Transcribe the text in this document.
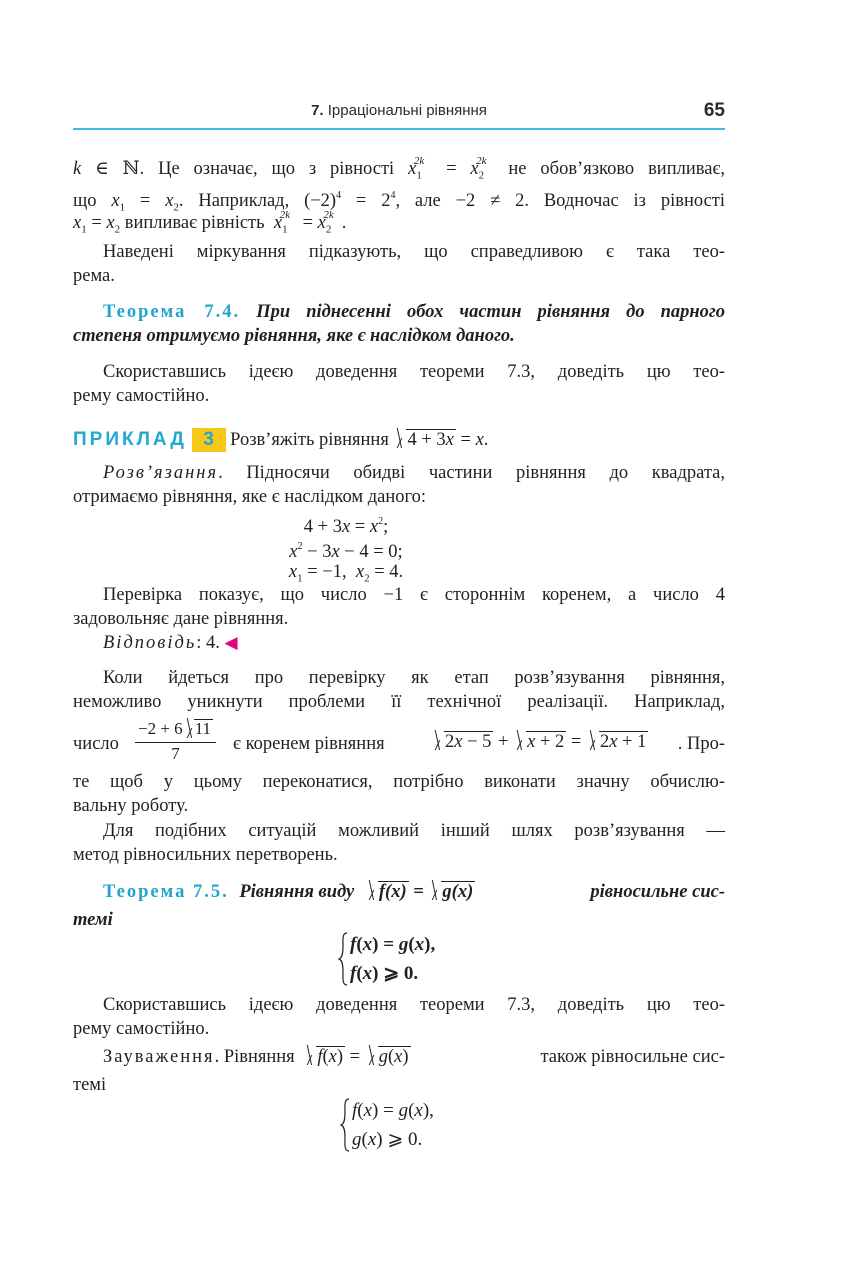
7. Ірраціональні рівняння	65
k ∈ ℕ. Це означає, що з рівності $x_1^{2k} = x_2^{2k}$ не обов’язково випливає,
що $x_1 = x_2$. Наприклад, $(-2)^4 = 2^4$, але −2 ≠ 2. Водночас із рівності
$x_1 = x_2$ випливає рівність $x_1^{2k} = x_2^{2k}$ .
Наведені міркування підказують, що справедливою є така тео-
рема.
Теорема 7.4. При піднесенні обох частин рівняння до парного
степеня отримуємо рівняння, яке є наслідком даного.
Скориставшись ідеєю доведення теореми 7.3, доведіть цю тео-
рему самостійно.
ПРИКЛАД 3 Розв’яжіть рівняння 4 + 3x = x.
Розв’язання. Підносячи обидві частини рівняння до квадрата,
отримаємо рівняння, яке є наслідком даного:
$4 + 3x = x^2$;
$x^2 - 3x - 4 = 0$;
$x_1 = -1$,  $x_2 = 4$.
Перевірка показує, що число −1 є стороннім коренем, а число 4
задовольняє дане рівняння.
Відповідь: 4. ◀
Коли йдеться про перевірку як етап розв’язування рівняння,
неможливо уникнути проблеми її технічної реалізації. Наприклад,
число $\frac{-2 + 6 11}{7}$ є коренем рівняння	2x − 5 + x + 2 = 2x + 1 . Про-
те щоб у цьому переконатися, потрібно виконати значну обчислю-
вальну роботу.
Для подібних ситуацій можливий інший шлях розв’язування —
метод рівносильних перетворень.
Теорема 7.5. Рівняння виду f(x) = g(x)	рівносильне сис-
темі
f(x) = g(x),
f(x) ⩾ 0.
Скориставшись ідеєю доведення теореми 7.3, доведіть цю тео-
рему самостійно.
Зауваження. Рівняння f(x) = g(x)	також рівносильне сис-
темі
f(x) = g(x),
g(x) ⩾ 0.
